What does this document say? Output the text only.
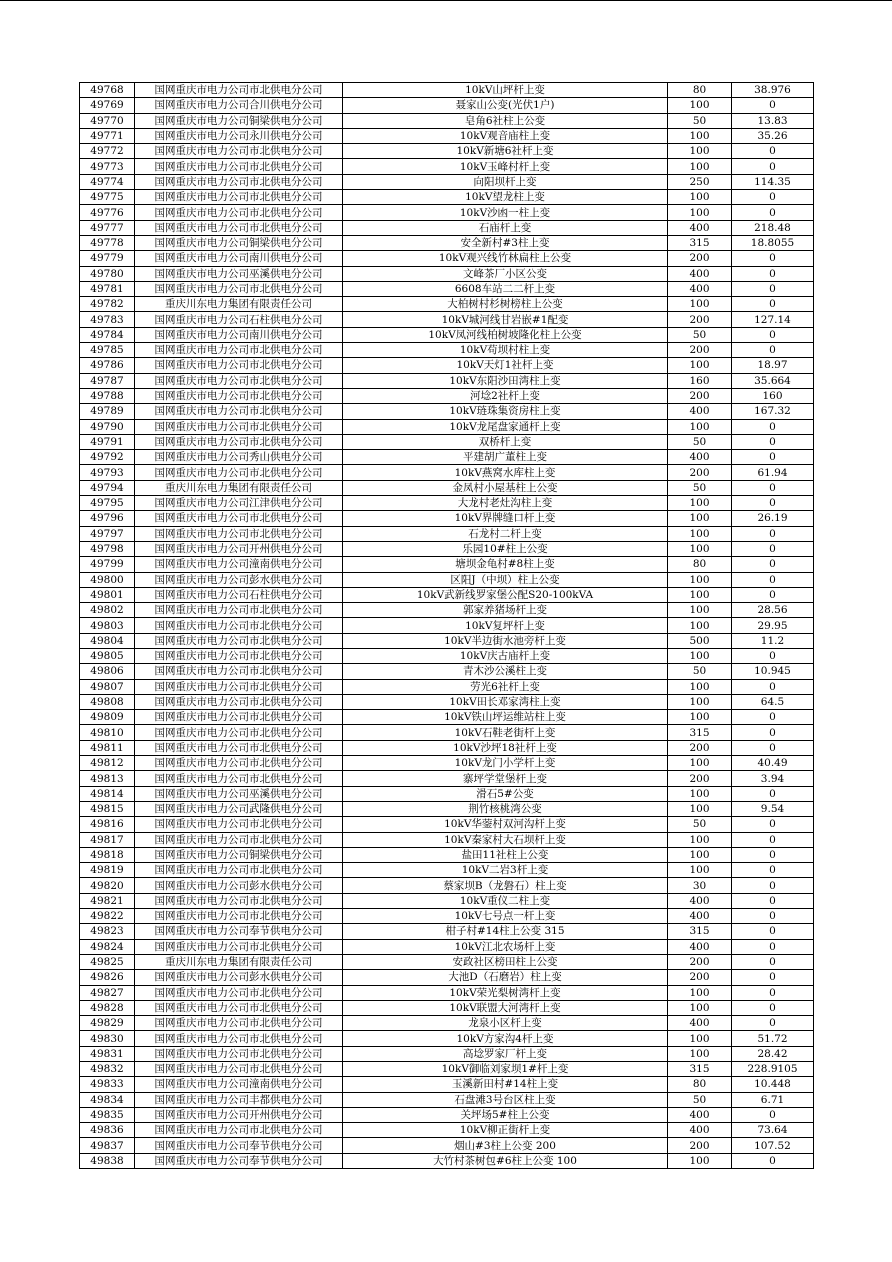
49768	国网重庆市电力公司市北供电分公司	10kV山坪杆上变	80	38.976
49769	国网重庆市电力公司合川供电分公司	聂家山公变(光伏1户)	100	0
49770	国网重庆市电力公司铜梁供电分公司	皂角6社柱上公变	50	13.83
49771	国网重庆市电力公司永川供电分公司	10kV观音庙柱上变	100	35.26
49772	国网重庆市电力公司市北供电分公司	10kV新塘6社杆上变	100	0
49773	国网重庆市电力公司市北供电分公司	10kV玉峰村杆上变	100	0
49774	国网重庆市电力公司市北供电分公司	向阳坝杆上变	250	114.35
49775	国网重庆市电力公司市北供电分公司	10kV望龙柱上变	100	0
49776	国网重庆市电力公司市北供电分公司	10kV沙凼一柱上变	100	0
49777	国网重庆市电力公司市北供电分公司	石庙杆上变	400	218.48
49778	国网重庆市电力公司铜梁供电分公司	安全新村#3柱上变	315	18.8055
49779	国网重庆市电力公司南川供电分公司	10kV观兴线竹林扁柱上公变	200	0
49780	国网重庆市电力公司巫溪供电分公司	文峰茶厂小区公变	400	0
49781	国网重庆市电力公司市北供电分公司	6608车站二二杆上变	400	0
49782	重庆川东电力集团有限责任公司	大柏树村杉树榜柱上公变	100	0
49783	国网重庆市电力公司石柱供电分公司	10kV城河线甘岩嵌#1配变	200	127.14
49784	国网重庆市电力公司南川供电分公司	10kV凤河线柏树坡隆化柱上公变	50	0
49785	国网重庆市电力公司市北供电分公司	10kV苟坝村柱上变	200	0
49786	国网重庆市电力公司市北供电分公司	10kV天灯1社杆上变	100	18.97
49787	国网重庆市电力公司市北供电分公司	10kV东阳沙田湾柱上变	160	35.664
49788	国网重庆市电力公司市北供电分公司	河埝2社杆上变	200	160
49789	国网重庆市电力公司市北供电分公司	10kV琏珠集资房柱上变	400	167.32
49790	国网重庆市电力公司市北供电分公司	10kV龙尾盘家通杆上变	100	0
49791	国网重庆市电力公司市北供电分公司	双桥杆上变	50	0
49792	国网重庆市电力公司秀山供电分公司	平建胡广董柱上变	400	0
49793	国网重庆市电力公司市北供电分公司	10kV燕窝水库柱上变	200	61.94
49794	重庆川东电力集团有限责任公司	金凤村小屋基柱上公变	50	0
49795	国网重庆市电力公司江津供电分公司	大龙村老灶沟柱上变	100	0
49796	国网重庆市电力公司市北供电分公司	10kV界牌缝口杆上变	100	26.19
49797	国网重庆市电力公司市北供电分公司	石龙村二杆上变	100	0
49798	国网重庆市电力公司开州供电分公司	乐园10#柱上公变	100	0
49799	国网重庆市电力公司潼南供电分公司	塘坝金龟村#8柱上变	80	0
49800	国网重庆市电力公司彭水供电分公司	区阳J（中坝）柱上公变	100	0
49801	国网重庆市电力公司石柱供电分公司	10kV武新线罗家堡公配S20-100kVA	100	0
49802	国网重庆市电力公司市北供电分公司	郭家养猪场杆上变	100	28.56
49803	国网重庆市电力公司市北供电分公司	10kV复坪杆上变	100	29.95
49804	国网重庆市电力公司市北供电分公司	10kV半边街水池旁杆上变	500	11.2
49805	国网重庆市电力公司市北供电分公司	10kV庆古庙杆上变	100	0
49806	国网重庆市电力公司市北供电分公司	青木沙公溪柱上变	50	10.945
49807	国网重庆市电力公司市北供电分公司	劳光6社杆上变	100	0
49808	国网重庆市电力公司市北供电分公司	10kV田长邓家湾柱上变	100	64.5
49809	国网重庆市电力公司市北供电分公司	10kV铁山坪运维站柱上变	100	0
49810	国网重庆市电力公司市北供电分公司	10kV石鞋老街杆上变	315	0
49811	国网重庆市电力公司市北供电分公司	10kV沙坪18社杆上变	200	0
49812	国网重庆市电力公司市北供电分公司	10kV龙门小学杆上变	100	40.49
49813	国网重庆市电力公司市北供电分公司	寨坪学堂堡杆上变	200	3.94
49814	国网重庆市电力公司巫溪供电分公司	滑石5#公变	100	0
49815	国网重庆市电力公司武隆供电分公司	荆竹核桃湾公变	100	9.54
49816	国网重庆市电力公司市北供电分公司	10kV华蓥村双河沟杆上变	50	0
49817	国网重庆市电力公司市北供电分公司	10kV秦家村大石坝杆上变	100	0
49818	国网重庆市电力公司铜梁供电分公司	盐田11社柱上公变	100	0
49819	国网重庆市电力公司市北供电分公司	10kV二岩3杆上变	100	0
49820	国网重庆市电力公司彭水供电分公司	蔡家坝B（龙磐石）柱上变	30	0
49821	国网重庆市电力公司市北供电分公司	10kV重仪二柱上变	400	0
49822	国网重庆市电力公司市北供电分公司	10kV七号点一杆上变	400	0
49823	国网重庆市电力公司奉节供电分公司	柑子村#14柱上公变 315	315	0
49824	国网重庆市电力公司市北供电分公司	10kV江北农场杆上变	400	0
49825	重庆川东电力集团有限责任公司	安政社区榜田柱上公变	200	0
49826	国网重庆市电力公司彭水供电分公司	大池D（石磨岩）柱上变	200	0
49827	国网重庆市电力公司市北供电分公司	10kV荣光梨树湾杆上变	100	0
49828	国网重庆市电力公司市北供电分公司	10kV联盟大河湾杆上变	100	0
49829	国网重庆市电力公司市北供电分公司	龙泉小区杆上变	400	0
49830	国网重庆市电力公司市北供电分公司	10kV方家沟4杆上变	100	51.72
49831	国网重庆市电力公司市北供电分公司	高埝罗家厂杆上变	100	28.42
49832	国网重庆市电力公司市北供电分公司	10kV御临刘家坝1#杆上变	315	228.9105
49833	国网重庆市电力公司潼南供电分公司	玉溪新田村#14柱上变	80	10.448
49834	国网重庆市电力公司丰都供电分公司	石盘滩3号台区柱上变	50	6.71
49835	国网重庆市电力公司开州供电分公司	关坪场5#柱上公变	400	0
49836	国网重庆市电力公司市北供电分公司	10kV柳正街杆上变	400	73.64
49837	国网重庆市电力公司奉节供电分公司	烟山#3柱上公变 200	200	107.52
49838	国网重庆市电力公司奉节供电分公司	大竹村茶树包#6柱上公变 100	100	0
